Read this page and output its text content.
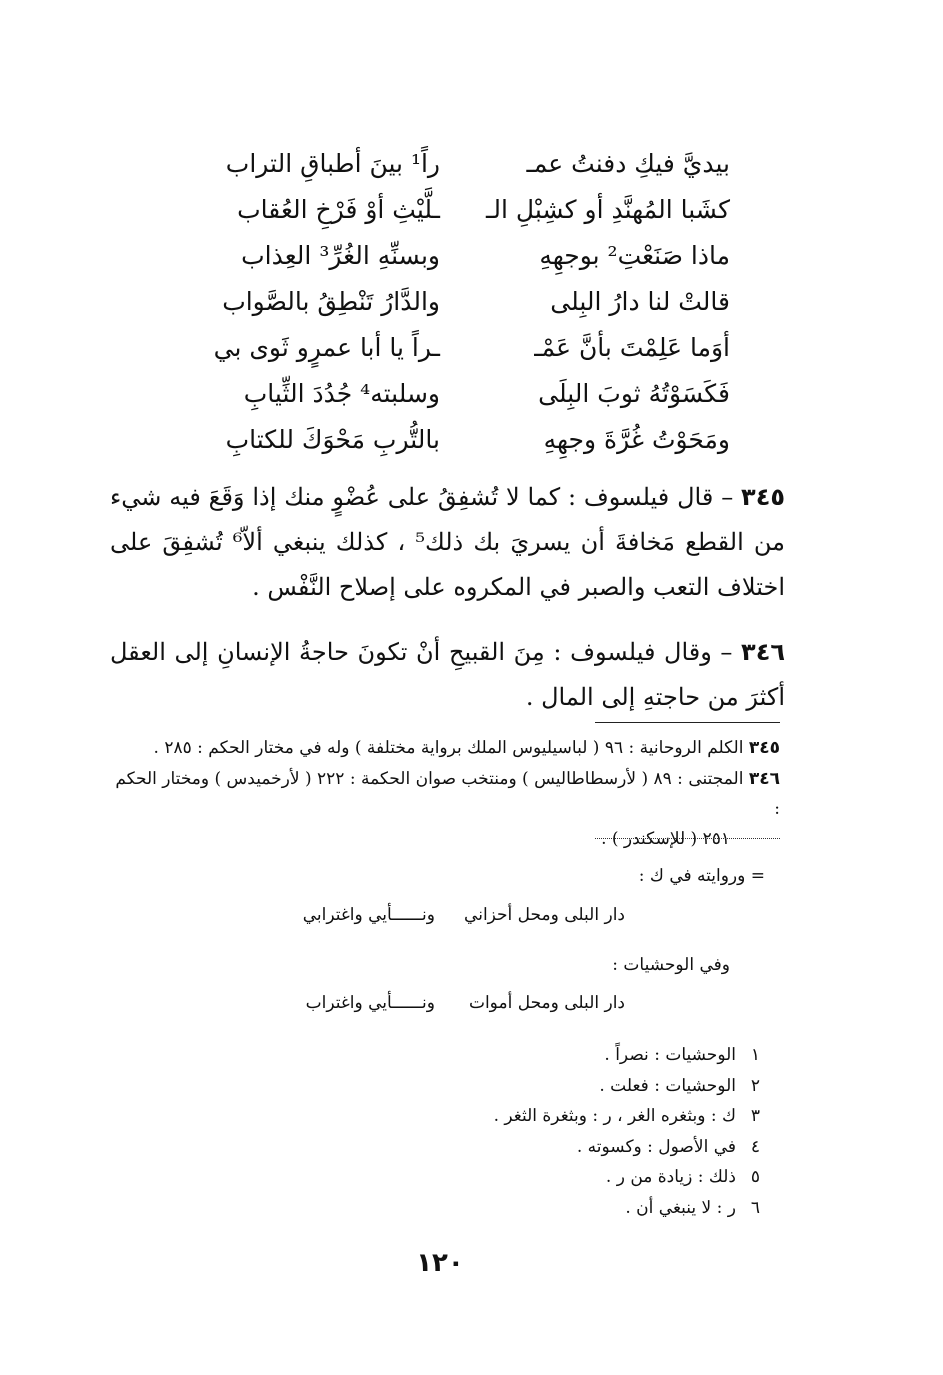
بيديَّ فيكِ دفنتُ عمـ
راً¹ بينَ أطباقِ التراب
كشَبا المُهنَّدِ أو كشِبْلِ الـ
ـلَّيْثِ أوْ فَرْخِ العُقاب
ماذا صَنَعْتِ² بوجهِهِ
وبسنِّهِ الغُرِّ³ العِذاب
قالتْ لنا دارُ البِلى
والدَّارُ تَنْطِقُ بالصَّواب
أوَما عَلِمْتَ بأنَّ عَمْـ
ـراً يا أبا عمرٍو ثَوى بي
فَكَسَوْتُهُ ثوبَ البِلَى
وسلبته⁴ جُدُدَ الثِّيابِ
ومَحَوْتُ غُرَّةَ وجهِهِ
بالتُّربِ مَحْوَكَ للكتابِ
٣٤٥ – قال فيلسوف : كما لا تُشفِقُ على عُضْوٍ منك إذا وَقَعَ فيه شيء من القطع مَخافةَ أن يسريَ بك ذلك⁵ ، كذلك ينبغي ألاّ⁶ تُشفِقَ على اختلاف التعب والصبر في المكروه على إصلاح النَّفْس .
٣٤٦ – وقال فيلسوف : مِنَ القبيحِ أنْ تكونَ حاجةُ الإنسانِ إلى العقل أكثرَ من حاجتهِ إلى المال .
٣٤٥ الكلم الروحانية : ٩٦ ( لباسيليوس الملك برواية مختلفة ) وله في مختار الحكم : ٢٨٥ .
٣٤٦ المجتنى : ٨٩ ( لأرسطاطاليس ) ومنتخب صوان الحكمة : ٢٢٢ ( لأرخميدس ) ومختار الحكم :
٢٥١ ( للإسكندر ) .
= وروايته في ك :
دار البلى ومحل أحزاني
ونــــــأيي واغترابي
وفي الوحشيات :
دار البلى ومحل أموات
ونــــــأيي واغتراب
١الوحشيات : نصراً .
٢الوحشيات : فعلت .
٣ك : وبثغره الغر ، ر : وبثغرة الثغر .
٤في الأصول : وكسوته .
٥ذلك : زيادة من ر .
٦ر : لا ينبغي أن .
١٢٠
